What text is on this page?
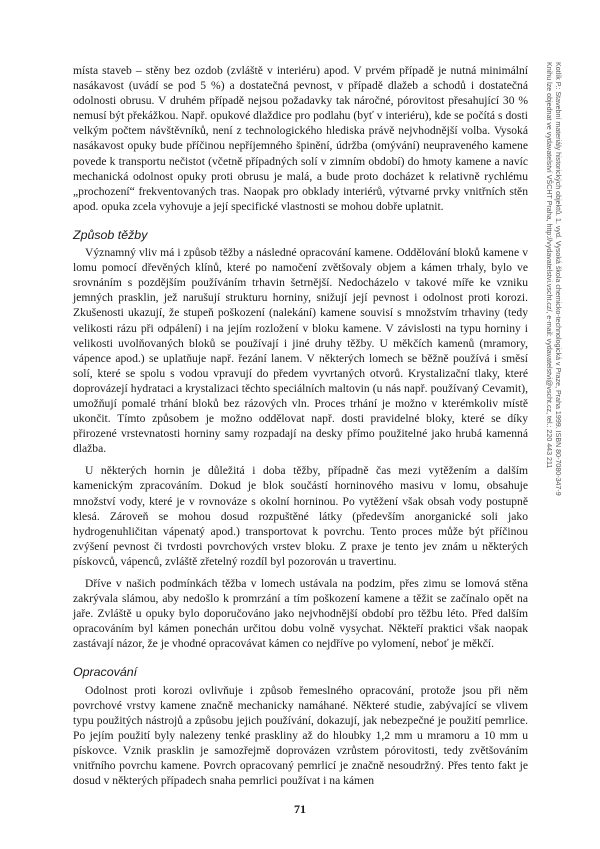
místa staveb – stěny bez ozdob (zvláště v interiéru) apod. V prvém případě je nutná minimální nasákavost (uvádí se pod 5 %) a dostatečná pevnost, v případě dlažeb a schodů i dostatečná odolnosti obrusu. V druhém případě nejsou požadavky tak náročné, pórovitost přesahující 30 % nemusí být překážkou. Např. opukové dlaždice pro podlahu (byť v interiéru), kde se počítá s dosti velkým počtem návštěvníků, není z technologického hlediska právě nejvhodnější volba. Vysoká nasákavost opuky bude příčinou nepříjemného špinění, údržba (omývání) neupraveného kamene povede k transportu nečistot (včetně případných solí v zimním období) do hmoty kamene a navíc mechanická odolnost opuky proti obrusu je malá, a bude proto docházet k relativně rychlému „prochození“ frekventovaných tras. Naopak pro obklady interiérů, výtvarné prvky vnitřních stěn apod. opuka zcela vyhovuje a její specifické vlastnosti se mohou dobře uplatnit.

Způsob těžby

Významný vliv má i způsob těžby a následné opracování kamene. Oddělování bloků kamene v lomu pomocí dřevěných klínů, které po namočení zvětšovaly objem a kámen trhaly, bylo ve srovnáním s pozdějším používáním trhavin šetrnější. Nedocházelo v takové míře ke vzniku jemných prasklin, jež narušují strukturu horniny, snižují její pevnost i odolnost proti korozi. Zkušenosti ukazují, že stupeň poškození (nalekání) kamene souvisí s množstvím trhaviny (tedy velikosti rázu při odpálení) i na jejím rozložení v bloku kamene. V závislosti na typu horniny i velikosti uvolňovaných bloků se používají i jiné druhy těžby. U měkčích kamenů (mramory, vápence apod.) se uplatňuje např. řezání lanem. V některých lomech se běžně používá i směsí solí, které se spolu s vodou vpravují do předem vyvrtaných otvorů. Krystalizační tlaky, které doprovázejí hydrataci a krystalizaci těchto speciálních maltovin (u nás např. používaný Cevamit), umožňují pomalé trhání bloků bez rázových vln. Proces trhání je možno v kterémkoliv místě ukončit. Tímto způsobem je možno oddělovat např. dosti pravidelné bloky, které se díky přirozené vrstevnatosti horniny samy rozpadají na desky přímo použitelné jako hrubá kamenná dlažba.

U některých hornin je důležitá i doba těžby, případně čas mezi vytěžením a dalším kamenickým zpracováním. Dokud je blok součástí horninového masivu v lomu, obsahuje množství vody, které je v rovnováze s okolní horninou. Po vytěžení však obsah vody postupně klesá. Zároveň se mohou dosud rozpuštěné látky (především anorganické soli jako hydrogenuhličitan vápenatý apod.) transportovat k povrchu. Tento proces může být příčinou zvýšení pevnost či tvrdosti povrchových vrstev bloku. Z praxe je tento jev znám u některých pískovců, vápenců, zvláště zřetelný rozdíl byl pozorován u travertinu.

Dříve v našich podmínkách těžba v lomech ustávala na podzim, přes zimu se lomová stěna zakrývala slámou, aby nedošlo k promrzání a tím poškození kamene a těžit se začínalo opět na jaře. Zvláště u opuky bylo doporučováno jako nejvhodnější období pro těžbu léto. Před dalším opracováním byl kámen ponechán určitou dobu volně vysychat. Někteří praktici však naopak zastávají názor, že je vhodné opracovávat kámen co nejdříve po vylomení, neboť je měkčí.

Opracování

Odolnost proti korozi ovlivňuje i způsob řemeslného opracování, protože jsou při něm povrchové vrstvy kamene značně mechanicky namáhané. Některé studie, zabývající se vlivem typu použitých nástrojů a způsobu jejich používání, dokazují, jak nebezpečné je použití pemrlice. Po jejím použití byly nalezeny tenké praskliny až do hloubky 1,2 mm u mramoru a 10 mm u pískovce. Vznik prasklin je samozřejmě doprovázen vzrůstem pórovitosti, tedy zvětšováním vnitřního povrchu kamene. Povrch opracovaný pemrlicí je značně nesoudržný. Přes tento fakt je dosud v některých případech snaha pemrlici používat i na kámen

71
Kotlík P.: Stavební materiály historických objektů. 1. vyd. Vysoká škola chemicko-technologická v Praze, Praha 1999. ISBN 80-7080-347-9
Knihu lze objednat ve vydavatelství VŠCHT Praha, http://vydavatelstvi.vscht.cz/, e-mail: vydavatelstvi@vscht.cz, tel.: 220 443 211
